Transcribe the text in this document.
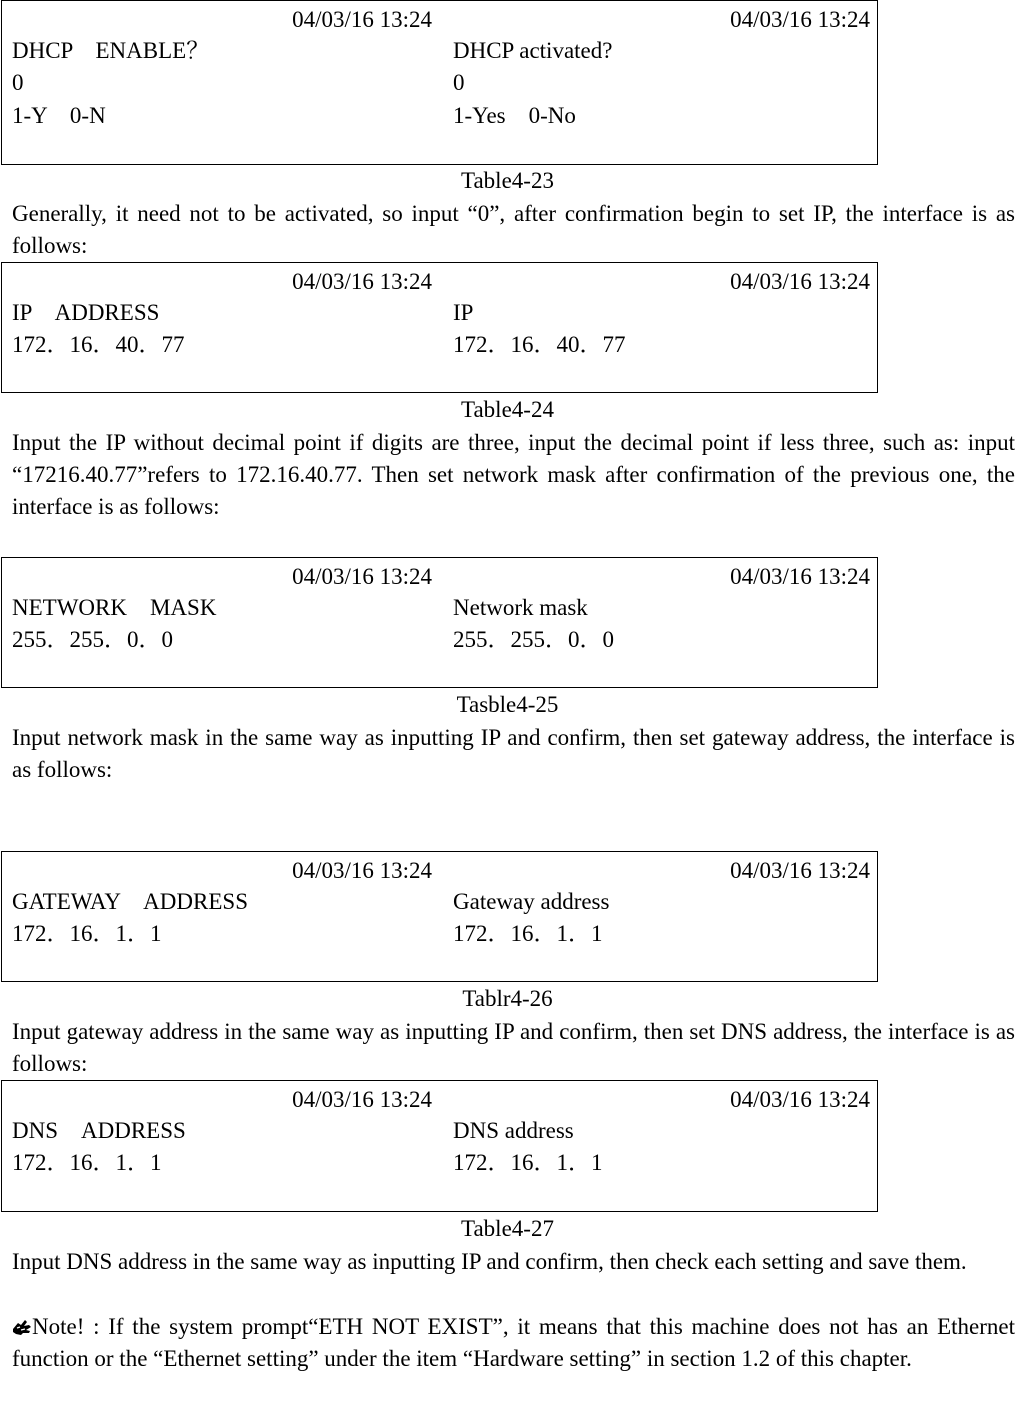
04/03/16 13:24
DHCP　ENABLE？
0
1-Y　0-N
04/03/16 13:24
DHCP activated?
0
1-Yes　0-No
Table4-23

Generally, it need not to be activated, so input “0”, after confirmation begin to set IP, the interface is as follows:

04/03/16 13:24
IP　ADDRESS
172．16．40．77
04/03/16 13:24
IP
172．16．40．77
Table4-24

Input the IP without decimal point if digits are three, input the decimal point if less three, such as: input “17216.40.77”refers to 172.16.40.77. Then set network mask after confirmation of the previous one, the interface is as follows:

04/03/16 13:24
NETWORK　MASK
255．255．0．0
04/03/16 13:24
Network mask
255．255．0．0
Tasble4-25

Input network mask in the same way as inputting IP and confirm, then set gateway address, the interface is as follows:

04/03/16 13:24
GATEWAY　ADDRESS
172．16．1．1
04/03/16 13:24
Gateway address
172．16．1．1
Tablr4-26

Input gateway address in the same way as inputting IP and confirm, then set DNS address, the interface is as follows:

04/03/16 13:24
DNS　ADDRESS
172．16．1．1
04/03/16 13:24
DNS address
172．16．1．1
Table4-27

Input DNS address in the same way as inputting IP and confirm, then check each setting and save them.

Note! : If the system prompt“ETH NOT EXIST”, it means that this machine does not has an Ethernet function or the “Ethernet setting” under the item “Hardware setting” in section 1.2 of this chapter.
